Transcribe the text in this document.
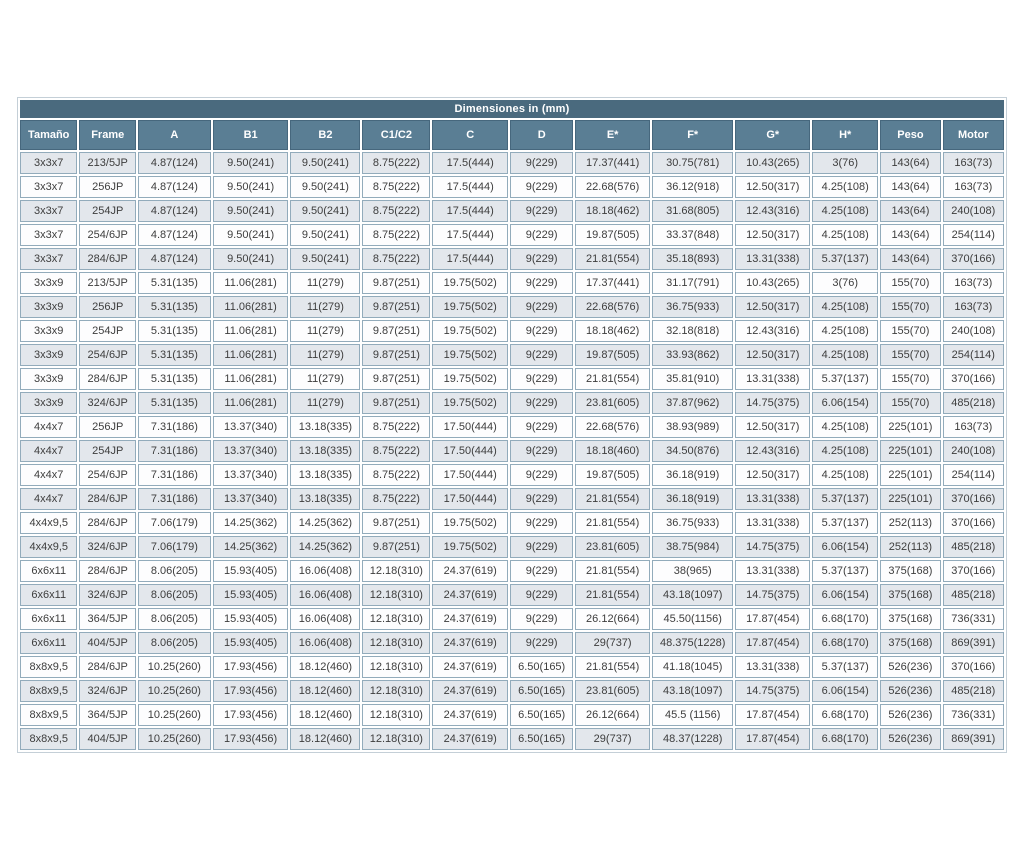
Dimensiones in (mm)													
Tamaño	Frame	A	B1	B2	C1/C2	C	D	E*	F*	G*	H*	Peso	Motor
3x3x7	213/5JP	4.87(124)	9.50(241)	9.50(241)	8.75(222)	17.5(444)	9(229)	17.37(441)	30.75(781)	10.43(265)	3(76)	143(64)	163(73)
3x3x7	256JP	4.87(124)	9.50(241)	9.50(241)	8.75(222)	17.5(444)	9(229)	22.68(576)	36.12(918)	12.50(317)	4.25(108)	143(64)	163(73)
3x3x7	254JP	4.87(124)	9.50(241)	9.50(241)	8.75(222)	17.5(444)	9(229)	18.18(462)	31.68(805)	12.43(316)	4.25(108)	143(64)	240(108)
3x3x7	254/6JP	4.87(124)	9.50(241)	9.50(241)	8.75(222)	17.5(444)	9(229)	19.87(505)	33.37(848)	12.50(317)	4.25(108)	143(64)	254(114)
3x3x7	284/6JP	4.87(124)	9.50(241)	9.50(241)	8.75(222)	17.5(444)	9(229)	21.81(554)	35.18(893)	13.31(338)	5.37(137)	143(64)	370(166)
3x3x9	213/5JP	5.31(135)	11.06(281)	11(279)	9.87(251)	19.75(502)	9(229)	17.37(441)	31.17(791)	10.43(265)	3(76)	155(70)	163(73)
3x3x9	256JP	5.31(135)	11.06(281)	11(279)	9.87(251)	19.75(502)	9(229)	22.68(576)	36.75(933)	12.50(317)	4.25(108)	155(70)	163(73)
3x3x9	254JP	5.31(135)	11.06(281)	11(279)	9.87(251)	19.75(502)	9(229)	18.18(462)	32.18(818)	12.43(316)	4.25(108)	155(70)	240(108)
3x3x9	254/6JP	5.31(135)	11.06(281)	11(279)	9.87(251)	19.75(502)	9(229)	19.87(505)	33.93(862)	12.50(317)	4.25(108)	155(70)	254(114)
3x3x9	284/6JP	5.31(135)	11.06(281)	11(279)	9.87(251)	19.75(502)	9(229)	21.81(554)	35.81(910)	13.31(338)	5.37(137)	155(70)	370(166)
3x3x9	324/6JP	5.31(135)	11.06(281)	11(279)	9.87(251)	19.75(502)	9(229)	23.81(605)	37.87(962)	14.75(375)	6.06(154)	155(70)	485(218)
4x4x7	256JP	7.31(186)	13.37(340)	13.18(335)	8.75(222)	17.50(444)	9(229)	22.68(576)	38.93(989)	12.50(317)	4.25(108)	225(101)	163(73)
4x4x7	254JP	7.31(186)	13.37(340)	13.18(335)	8.75(222)	17.50(444)	9(229)	18.18(460)	34.50(876)	12.43(316)	4.25(108)	225(101)	240(108)
4x4x7	254/6JP	7.31(186)	13.37(340)	13.18(335)	8.75(222)	17.50(444)	9(229)	19.87(505)	36.18(919)	12.50(317)	4.25(108)	225(101)	254(114)
4x4x7	284/6JP	7.31(186)	13.37(340)	13.18(335)	8.75(222)	17.50(444)	9(229)	21.81(554)	36.18(919)	13.31(338)	5.37(137)	225(101)	370(166)
4x4x9,5	284/6JP	7.06(179)	14.25(362)	14.25(362)	9.87(251)	19.75(502)	9(229)	21.81(554)	36.75(933)	13.31(338)	5.37(137)	252(113)	370(166)
4x4x9,5	324/6JP	7.06(179)	14.25(362)	14.25(362)	9.87(251)	19.75(502)	9(229)	23.81(605)	38.75(984)	14.75(375)	6.06(154)	252(113)	485(218)
6x6x11	284/6JP	8.06(205)	15.93(405)	16.06(408)	12.18(310)	24.37(619)	9(229)	21.81(554)	38(965)	13.31(338)	5.37(137)	375(168)	370(166)
6x6x11	324/6JP	8.06(205)	15.93(405)	16.06(408)	12.18(310)	24.37(619)	9(229)	21.81(554)	43.18(1097)	14.75(375)	6.06(154)	375(168)	485(218)
6x6x11	364/5JP	8.06(205)	15.93(405)	16.06(408)	12.18(310)	24.37(619)	9(229)	26.12(664)	45.50(1156)	17.87(454)	6.68(170)	375(168)	736(331)
6x6x11	404/5JP	8.06(205)	15.93(405)	16.06(408)	12.18(310)	24.37(619)	9(229)	29(737)	48.375(1228)	17.87(454)	6.68(170)	375(168)	869(391)
8x8x9,5	284/6JP	10.25(260)	17.93(456)	18.12(460)	12.18(310)	24.37(619)	6.50(165)	21.81(554)	41.18(1045)	13.31(338)	5.37(137)	526(236)	370(166)
8x8x9,5	324/6JP	10.25(260)	17.93(456)	18.12(460)	12.18(310)	24.37(619)	6.50(165)	23.81(605)	43.18(1097)	14.75(375)	6.06(154)	526(236)	485(218)
8x8x9,5	364/5JP	10.25(260)	17.93(456)	18.12(460)	12.18(310)	24.37(619)	6.50(165)	26.12(664)	45.5 (1156)	17.87(454)	6.68(170)	526(236)	736(331)
8x8x9,5	404/5JP	10.25(260)	17.93(456)	18.12(460)	12.18(310)	24.37(619)	6.50(165)	29(737)	48.37(1228)	17.87(454)	6.68(170)	526(236)	869(391)
